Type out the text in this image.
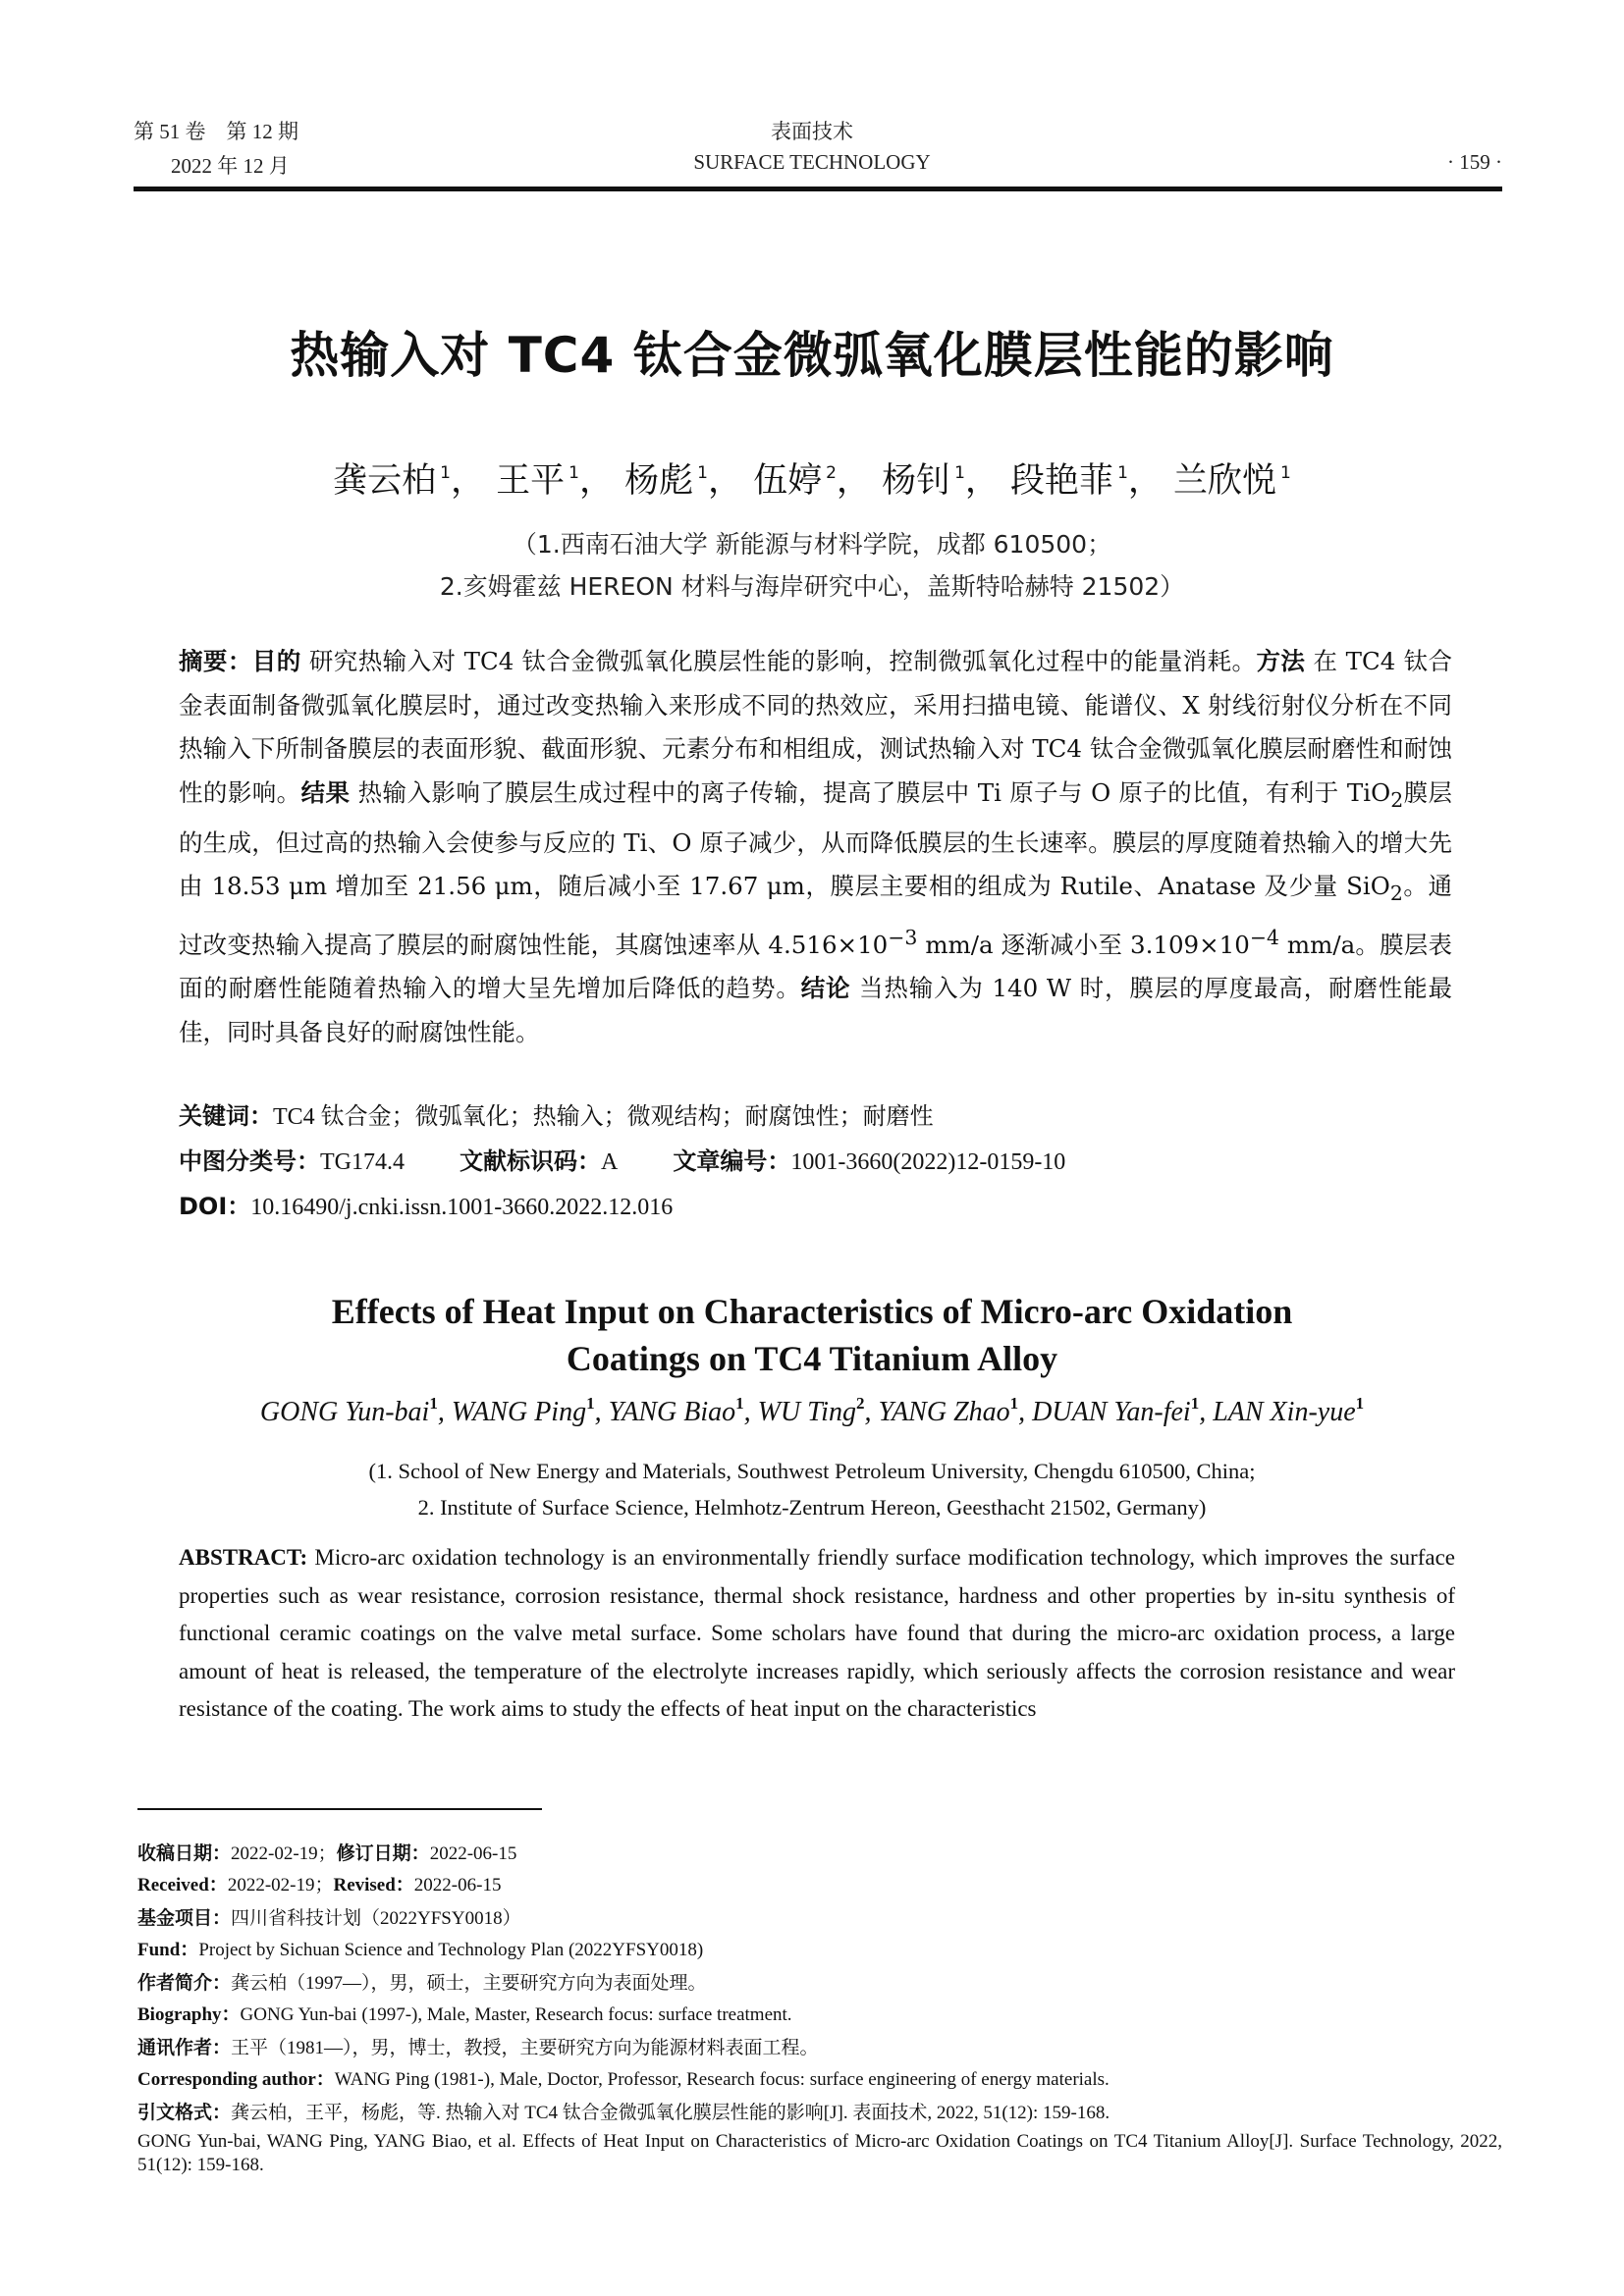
第 51 卷　第 12 期
2022 年 12 月
表面技术
SURFACE TECHNOLOGY	· 159 ·
热输入对 TC4 钛合金微弧氧化膜层性能的影响
龚云柏 $^1$， 王平 $^1$， 杨彪 $^1$， 伍婷 $^2$， 杨钊 $^1$， 段艳菲 $^1$， 兰欣悦 $^1$
（1.西南石油大学 新能源与材料学院，成都 610500；
2.亥姆霍兹 HEREON 材料与海岸研究中心，盖斯特哈赫特 21502）
摘要：目的 研究热输入对 TC4 钛合金微弧氧化膜层性能的影响，控制微弧氧化过程中的能量消耗。方法 在 TC4 钛合金表面制备微弧氧化膜层时，通过改变热输入来形成不同的热效应，采用扫描电镜、能谱仪、X 射线衍射仪分析在不同热输入下所制备膜层的表面形貌、截面形貌、元素分布和相组成，测试热输入对 TC4 钛合金微弧氧化膜层耐磨性和耐蚀性的影响。结果 热输入影响了膜层生成过程中的离子传输，提高了膜层中 Ti 原子与 O 原子的比值，有利于 TiO$_2$膜层的生成，但过高的热输入会使参与反应的 Ti、O 原子减少，从而降低膜层的生长速率。膜层的厚度随着热输入的增大先由 18.53 μm 增加至 21.56 μm，随后减小至 17.67 μm，膜层主要相的组成为 Rutile、Anatase 及少量 SiO$_2$。通过改变热输入提高了膜层的耐腐蚀性能，其腐蚀速率从 $4.516\times 10^{-3}$ mm/a 逐渐减小至 $3.109\times 10^{-4}$ mm/a。膜层表面的耐磨性能随着热输入的增大呈先增加后降低的趋势。结论 当热输入为 140 W 时，膜层的厚度最高，耐磨性能最佳，同时具备良好的耐腐蚀性能。
关键词：TC4 钛合金；微弧氧化；热输入；微观结构；耐腐蚀性；耐磨性
中图分类号：TG174.4 文献标识码：A 文章编号：1001-3660(2022)12-0159-10
DOI：10.16490/j.cnki.issn.1001-3660.2022.12.016
Effects of Heat Input on Characteristics of Micro-arc Oxidation
Coatings on TC4 Titanium Alloy
GONG Yun-bai$^1$, WANG Ping$^1$, YANG Biao$^1$, WU Ting$^2$, YANG Zhao$^1$, DUAN Yan-fei$^1$, LAN Xin-yue$^1$
(1. School of New Energy and Materials, Southwest Petroleum University, Chengdu 610500, China;
2. Institute of Surface Science, Helmhotz-Zentrum Hereon, Geesthacht 21502, Germany)
ABSTRACT: Micro-arc oxidation technology is an environmentally friendly surface modification technology, which improves the surface properties such as wear resistance, corrosion resistance, thermal shock resistance, hardness and other properties by in-situ synthesis of functional ceramic coatings on the valve metal surface. Some scholars have found that during the micro-arc oxidation process, a large amount of heat is released, the temperature of the electrolyte increases rapidly, which seriously affects the corrosion resistance and wear resistance of the coating. The work aims to study the effects of heat input on the characteristics
收稿日期：2022-02-19；修订日期：2022-06-15
Received：2022-02-19；Revised：2022-06-15
基金项目：四川省科技计划（2022YFSY0018）
Fund：Project by Sichuan Science and Technology Plan (2022YFSY0018)
作者简介：龚云柏（1997—），男，硕士，主要研究方向为表面处理。
Biography：GONG Yun-bai (1997-), Male, Master, Research focus: surface treatment.
通讯作者：王平（1981—），男，博士，教授，主要研究方向为能源材料表面工程。
Corresponding author：WANG Ping (1981-), Male, Doctor, Professor, Research focus: surface engineering of energy materials.
引文格式：龚云柏，王平，杨彪，等. 热输入对 TC4 钛合金微弧氧化膜层性能的影响[J]. 表面技术, 2022, 51(12): 159-168.
GONG Yun-bai, WANG Ping, YANG Biao, et al. Effects of Heat Input on Characteristics of Micro-arc Oxidation Coatings on TC4 Titanium Alloy[J]. Surface Technology, 2022, 51(12): 159-168.
